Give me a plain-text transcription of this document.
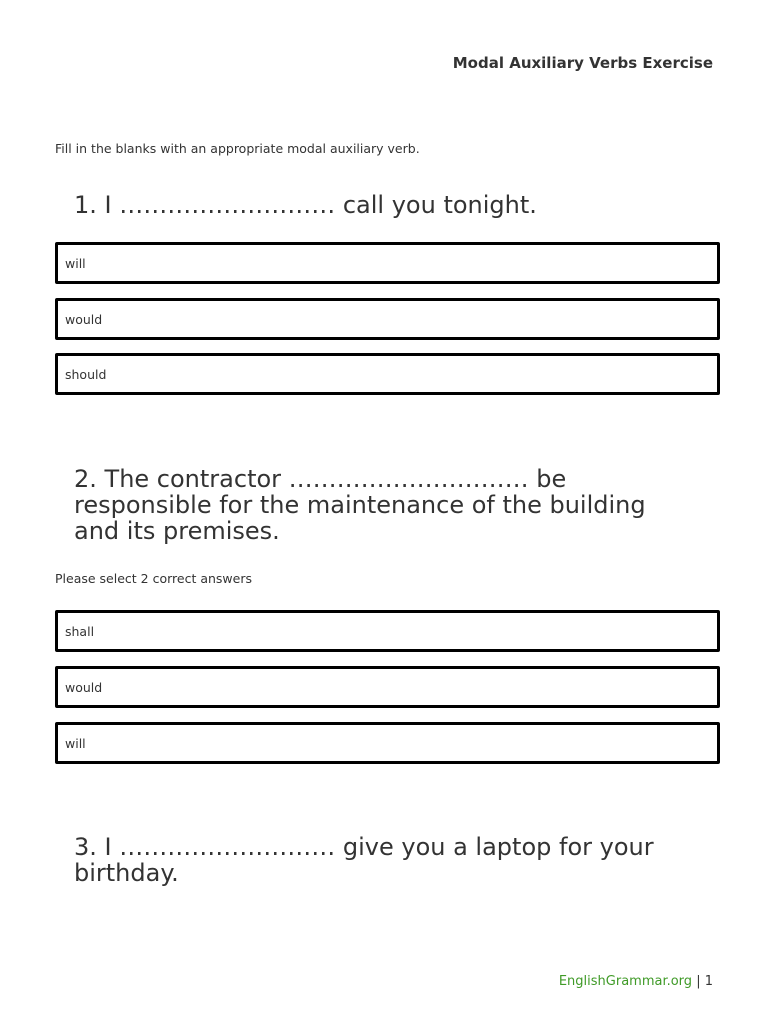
Modal Auxiliary Verbs Exercise
Fill in the blanks with an appropriate modal auxiliary verb.
1. I ……………………… call you tonight.
will
would
should
2. The contractor ………………………… be responsible for the maintenance of the building and its premises.
Please select 2 correct answers
shall
would
will
3. I ……………………… give you a laptop for your birthday.
EnglishGrammar.org | 1
